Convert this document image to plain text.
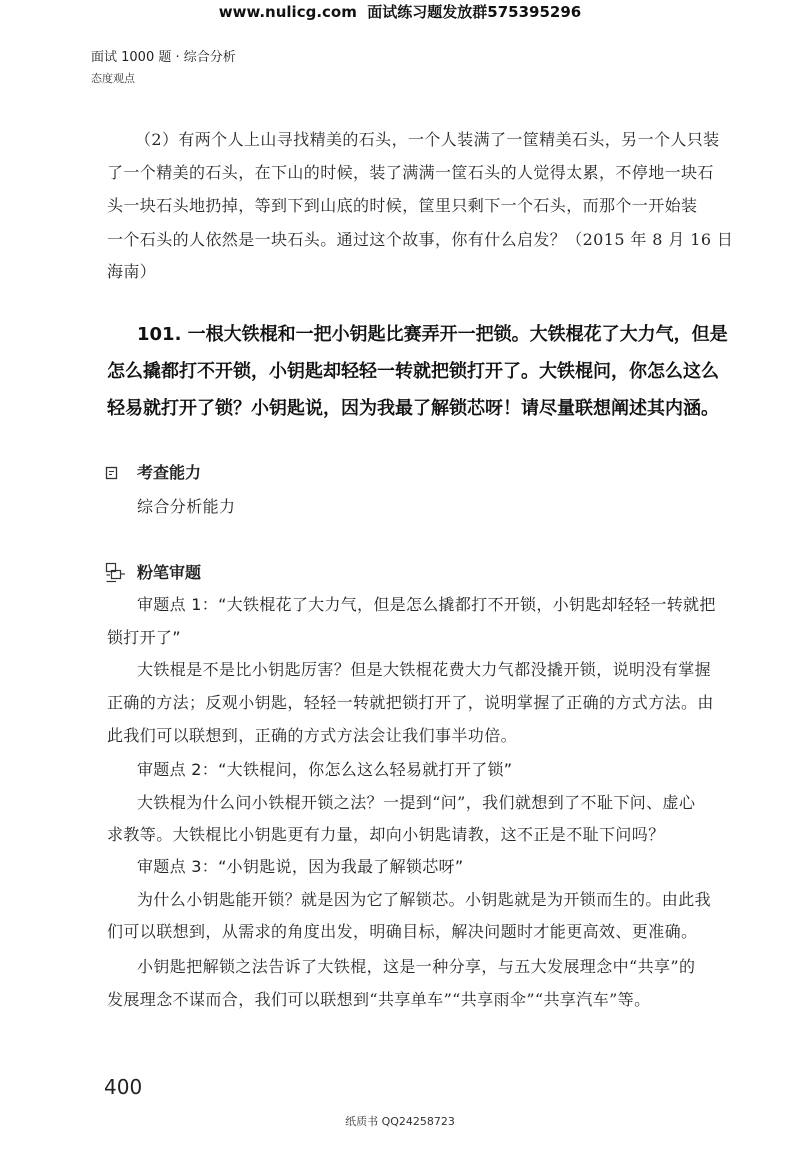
www.nulicg.com  面试练习题发放群575395296
面试 1000 题 · 综合分析
态度观点
（2）有两个人上山寻找精美的石头，一个人装满了一筐精美石头，另一个人只装
了一个精美的石头，在下山的时候，装了满满一筐石头的人觉得太累，不停地一块石
头一块石头地扔掉，等到下到山底的时候，筐里只剩下一个石头，而那个一开始装
一个石头的人依然是一块石头。通过这个故事，你有什么启发？（2015 年 8 月 16 日
海南）
101. 一根大铁棍和一把小钥匙比赛弄开一把锁。大铁棍花了大力气，但是
怎么撬都打不开锁，小钥匙却轻轻一转就把锁打开了。大铁棍问，你怎么这么
轻易就打开了锁？小钥匙说，因为我最了解锁芯呀！请尽量联想阐述其内涵。
考查能力
综合分析能力
粉笔审题
审题点 1：“大铁棍花了大力气，但是怎么撬都打不开锁，小钥匙却轻轻一转就把
锁打开了”
大铁棍是不是比小钥匙厉害？但是大铁棍花费大力气都没撬开锁，说明没有掌握
正确的方法；反观小钥匙，轻轻一转就把锁打开了，说明掌握了正确的方式方法。由
此我们可以联想到，正确的方式方法会让我们事半功倍。
审题点 2：“大铁棍问，你怎么这么轻易就打开了锁”
大铁棍为什么问小铁棍开锁之法？一提到“问”，我们就想到了不耻下问、虚心
求教等。大铁棍比小钥匙更有力量，却向小钥匙请教，这不正是不耻下问吗？
审题点 3：“小钥匙说，因为我最了解锁芯呀”
为什么小钥匙能开锁？就是因为它了解锁芯。小钥匙就是为开锁而生的。由此我
们可以联想到，从需求的角度出发，明确目标，解决问题时才能更高效、更准确。
小钥匙把解锁之法告诉了大铁棍，这是一种分享，与五大发展理念中“共享”的
发展理念不谋而合，我们可以联想到“共享单车”“共享雨伞”“共享汽车”等。
400
纸质书 QQ24258723
